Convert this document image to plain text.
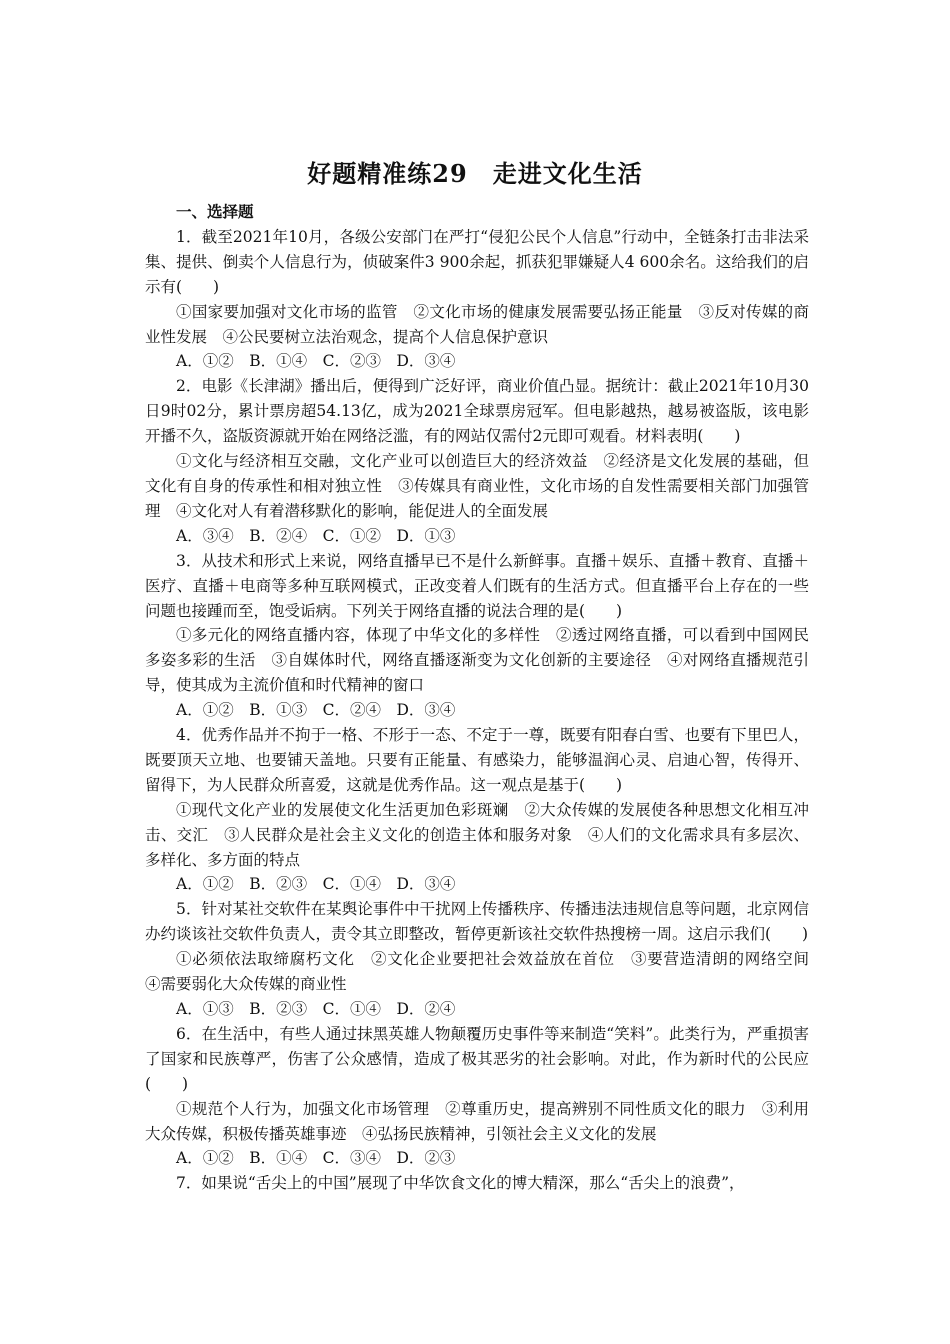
好题精准练29　走进文化生活
一、选择题

1．截至2021年10月，各级公安部门在严打“侵犯公民个人信息”行动中，全链条打击非法采集、提供、倒卖个人信息行为，侦破案件3 900余起，抓获犯罪嫌疑人4 600余名。这给我们的启示有(　　)

①国家要加强对文化市场的监管　②文化市场的健康发展需要弘扬正能量　③反对传媒的商业性发展　④公民要树立法治观念，提高个人信息保护意识

A．①②　B．①④　C．②③　D．③④

2．电影《长津湖》播出后，便得到广泛好评，商业价值凸显。据统计：截止2021年10月30日9时02分，累计票房超54.13亿，成为2021全球票房冠军。但电影越热，越易被盗版，该电影开播不久，盗版资源就开始在网络泛滥，有的网站仅需付2元即可观看。材料表明(　　)

①文化与经济相互交融，文化产业可以创造巨大的经济效益　②经济是文化发展的基础，但文化有自身的传承性和相对独立性　③传媒具有商业性，文化市场的自发性需要相关部门加强管理　④文化对人有着潜移默化的影响，能促进人的全面发展

A．③④　B．②④　C．①②　D．①③

3．从技术和形式上来说，网络直播早已不是什么新鲜事。直播＋娱乐、直播＋教育、直播＋医疗、直播＋电商等多种互联网模式，正改变着人们既有的生活方式。但直播平台上存在的一些问题也接踵而至，饱受诟病。下列关于网络直播的说法合理的是(　　)

①多元化的网络直播内容，体现了中华文化的多样性　②透过网络直播，可以看到中国网民多姿多彩的生活　③自媒体时代，网络直播逐渐变为文化创新的主要途径　④对网络直播规范引导，使其成为主流价值和时代精神的窗口

A．①②　B．①③　C．②④　D．③④

4．优秀作品并不拘于一格、不形于一态、不定于一尊，既要有阳春白雪、也要有下里巴人，既要顶天立地、也要铺天盖地。只要有正能量、有感染力，能够温润心灵、启迪心智，传得开、留得下，为人民群众所喜爱，这就是优秀作品。这一观点是基于(　　)

①现代文化产业的发展使文化生活更加色彩斑斓　②大众传媒的发展使各种思想文化相互冲击、交汇　③人民群众是社会主义文化的创造主体和服务对象　④人们的文化需求具有多层次、多样化、多方面的特点

A．①②　B．②③　C．①④　D．③④

5．针对某社交软件在某舆论事件中干扰网上传播秩序、传播违法违规信息等问题，北京网信办约谈该社交软件负责人，责令其立即整改，暂停更新该社交软件热搜榜一周。这启示我们(　　)

①必须依法取缔腐朽文化　②文化企业要把社会效益放在首位　③要营造清朗的网络空间　④需要弱化大众传媒的商业性

A．①③　B．②③　C．①④　D．②④

6．在生活中，有些人通过抹黑英雄人物颠覆历史事件等来制造“笑料”。此类行为，严重损害了国家和民族尊严，伤害了公众感情，造成了极其恶劣的社会影响。对此，作为新时代的公民应(　　)

①规范个人行为，加强文化市场管理　②尊重历史，提高辨别不同性质文化的眼力　③利用大众传媒，积极传播英雄事迹　④弘扬民族精神，引领社会主义文化的发展

A．①②　B．①④　C．③④　D．②③

7．如果说“舌尖上的中国”展现了中华饮食文化的博大精深，那么“舌尖上的浪费”，
